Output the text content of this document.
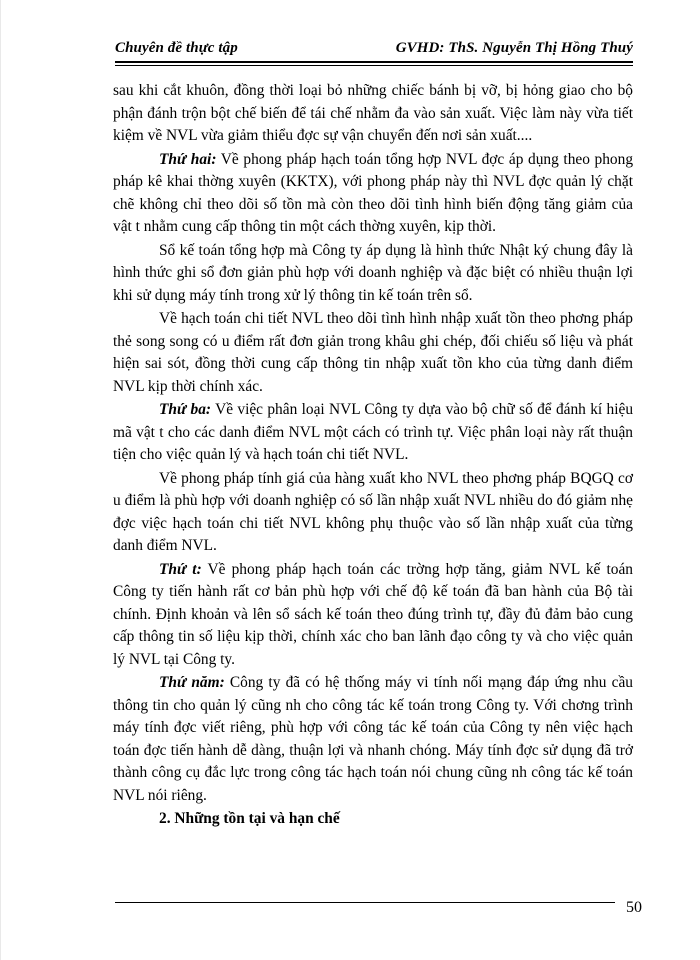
Chuyên đề thực tập	GVHD: ThS. Nguyễn Thị Hồng Thuý

sau khi cắt khuôn, đồng thời loại bỏ những chiếc bánh bị vỡ, bị hỏng giao cho bộ phận đánh trộn bột chế biến để tái chế nhằm đa vào sản xuất. Việc làm này vừa tiết kiệm về NVL vừa giảm thiểu đợc sự vận chuyển đến nơi sản xuất....

Thứ hai: Về phong pháp hạch toán tổng hợp NVL đợc áp dụng theo phong pháp kê khai thờng xuyên (KKTX), với phong pháp này thì NVL đợc quản lý chặt chẽ không chỉ theo dõi số tồn mà còn theo dõi tình hình biến động tăng giảm của vật t nhằm cung cấp thông tin một cách thờng xuyên, kịp thời.

Sổ kế toán tổng hợp mà Công ty áp dụng là hình thức Nhật ký chung đây là hình thức ghi sổ đơn giản phù hợp với doanh nghiệp và đặc biệt có nhiều thuận lợi khi sử dụng máy tính trong xử lý thông tin kế toán trên sổ.

Về hạch toán chi tiết NVL theo dõi tình hình nhập xuất tồn theo phơng pháp thẻ song song có u điểm rất đơn giản trong khâu ghi chép, đối chiếu số liệu và phát hiện sai sót, đồng thời cung cấp thông tin nhập xuất tồn kho của từng danh điểm NVL kịp thời chính xác.

Thứ ba: Về việc phân loại NVL Công ty dựa vào bộ chữ số để đánh kí hiệu mã vật t cho các danh điểm NVL một cách có trình tự. Việc phân loại này rất thuận tiện cho việc quản lý và hạch toán chi tiết NVL.

Về phong pháp tính giá của hàng xuất kho NVL theo phơng pháp BQGQ cơ u điểm là phù hợp với doanh nghiệp có số lần nhập xuất NVL nhiều do đó giảm nhẹ đợc việc hạch toán chi tiết NVL không phụ thuộc vào số lần nhập xuất của từng danh điểm NVL.

Thứ t: Về phong pháp hạch toán các trờng hợp tăng, giảm NVL kế toán Công ty tiến hành rất cơ bản phù hợp với chế độ kế toán đã ban hành của Bộ tài chính. Định khoản và lên sổ sách kế toán theo đúng trình tự, đầy đủ đảm bảo cung cấp thông tin số liệu kịp thời, chính xác cho ban lãnh đạo công ty và cho việc quản lý NVL tại Công ty.

Thứ năm: Công ty đã có hệ thống máy vi tính nối mạng đáp ứng nhu cầu thông tin cho quản lý cũng nh cho công tác kế toán trong Công ty. Với chơng trình máy tính đợc viết riêng, phù hợp với công tác kế toán của Công ty nên việc hạch toán đợc tiến hành dễ dàng, thuận lợi và nhanh chóng. Máy tính đợc sử dụng đã trở thành công cụ đắc lực trong công tác hạch toán nói chung cũng nh công tác kế toán NVL nói riêng.

2. Những tồn tại và hạn chế

50
